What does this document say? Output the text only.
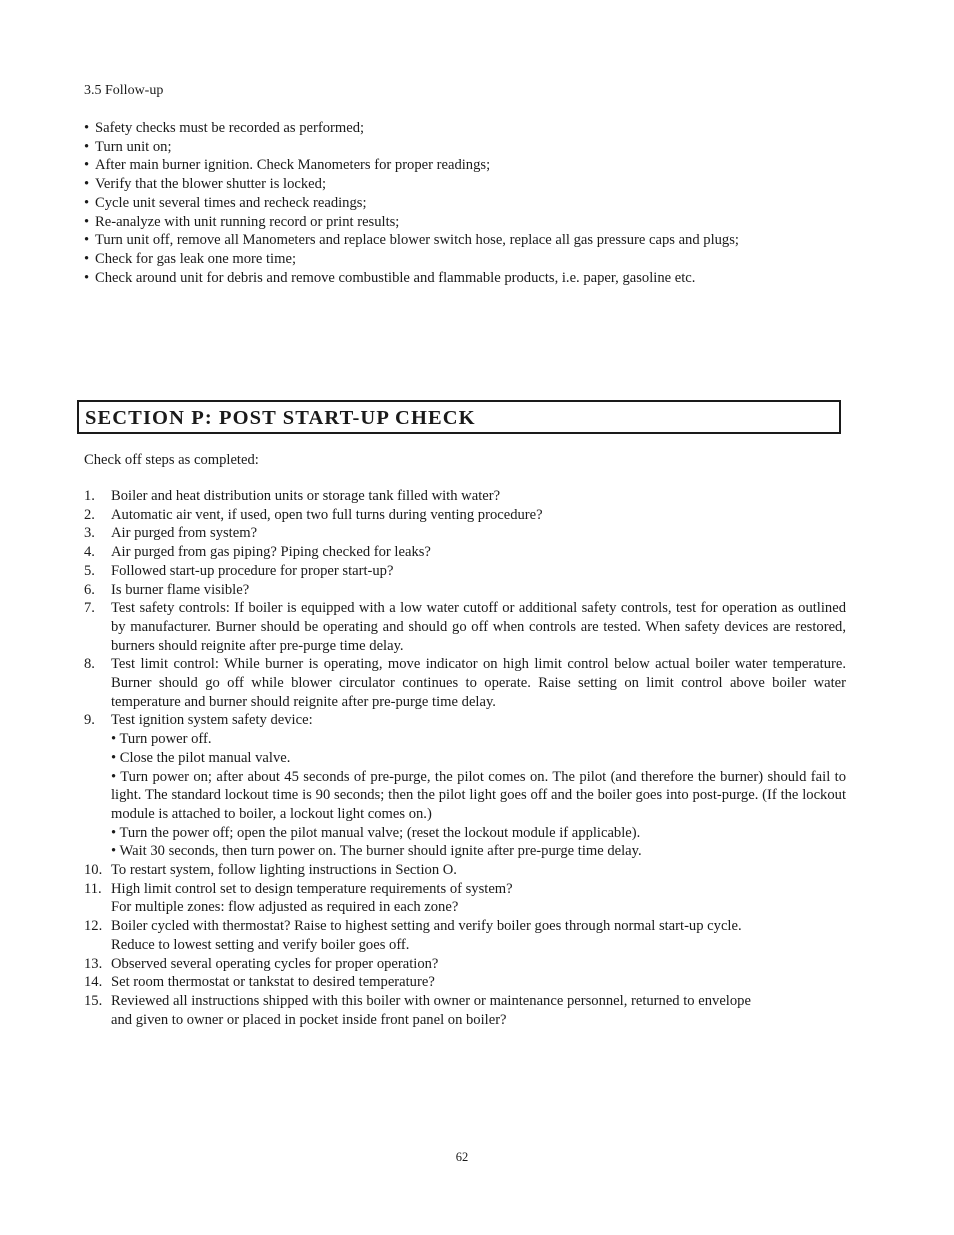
3.5 Follow-up
• Safety checks must be recorded as performed;
• Turn unit on;
• After main burner ignition. Check Manometers for proper readings;
• Verify that the blower shutter is locked;
• Cycle unit several times and recheck readings;
• Re-analyze with unit running record or print results;
• Turn unit off, remove all Manometers and replace blower switch hose, replace all gas pressure caps and plugs;
• Check for gas leak one more time;
• Check around unit for debris and remove combustible and flammable products, i.e. paper, gasoline etc.
SECTION P: POST START-UP CHECK
Check off steps as completed:
1.	Boiler and heat distribution units or storage tank filled with water?
2.	Automatic air vent, if used, open two full turns during venting procedure?
3.	Air purged from system?
4.	Air purged from gas piping? Piping checked for leaks?
5.	Followed start-up procedure for proper start-up?
6.	Is burner flame visible?
7.	Test safety controls: If boiler is equipped with a low water cutoff or additional safety controls, test for operation as outlined by manufacturer. Burner should be operating and should go off when controls are tested. When safety devices are restored, burners should reignite after pre-purge time delay.
8.	Test limit control: While burner is operating, move indicator on high limit control below actual boiler water temperature. Burner should go off while blower circulator continues to operate. Raise setting on limit control above boiler water temperature and burner should reignite after pre-purge time delay.
9.	Test ignition system safety device:
• Turn power off.
• Close the pilot manual valve.
• Turn power on; after about 45 seconds of pre-purge, the pilot comes on. The pilot (and therefore the burner) should fail to light. The standard lockout time is 90 seconds; then the pilot light goes off and the boiler goes into post-purge. (If the lockout module is attached to boiler, a lockout light comes on.)
• Turn the power off; open the pilot manual valve; (reset the lockout module if applicable).
• Wait 30 seconds, then turn power on. The burner should ignite after pre-purge time delay.
10. To restart system, follow lighting instructions in Section O.
11. High limit control set to design temperature requirements of system?
For multiple zones: flow adjusted as required in each zone?
12. Boiler cycled with thermostat? Raise to highest setting and verify boiler goes through normal start-up cycle.
Reduce to lowest setting and verify boiler goes off.
13. Observed several operating cycles for proper operation?
14. Set room thermostat or tankstat to desired temperature?
15. Reviewed all instructions shipped with this boiler with owner or maintenance personnel, returned to envelope
and given to owner or placed in pocket inside front panel on boiler?
62
